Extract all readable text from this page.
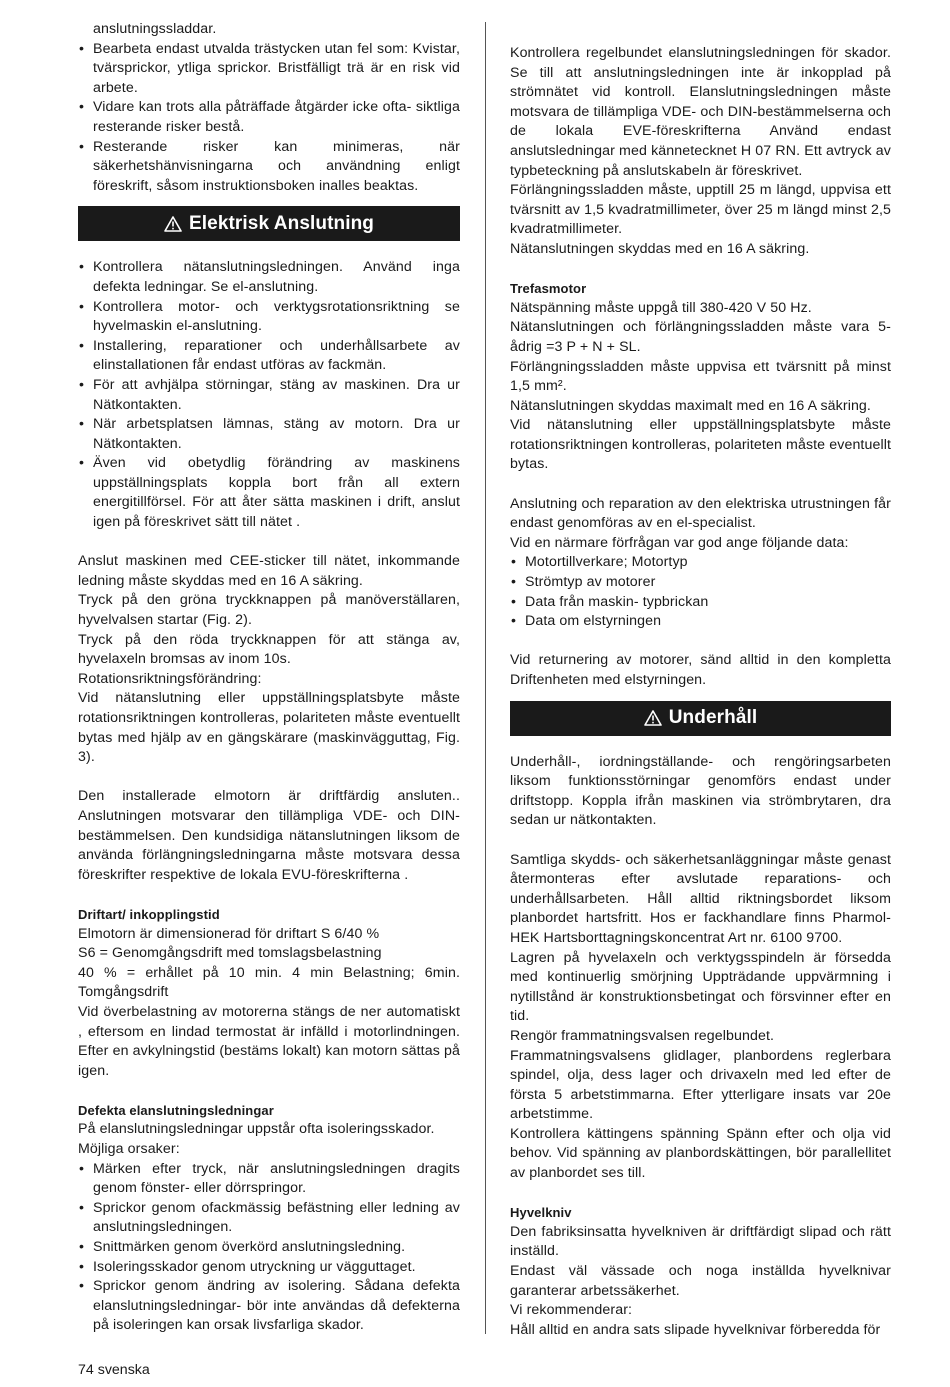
anslutningssladdar.

• Bearbeta endast utvalda trästycken utan fel som: Kvistar, tvärsprickor, ytliga sprickor. Bristfälligt trä är en risk vid arbete.
• Vidare kan trots alla påträffade åtgärder icke ofta- siktliga resterande risker bestå.
• Resterande risker kan minimeras, när säkerhetshänvisningarna och användning enligt föreskrift, såsom instruktionsboken inalles beaktas.
Elektrisk Anslutning
• Kontrollera nätanslutningsledningen. Använd inga defekta ledningar. Se el-anslutning.
• Kontrollera motor- och verktygsrotationsriktning se hyvelmaskin el-anslutning.
• Installering, reparationer och underhållsarbete av elinstallationen får endast utföras av fackmän.
• För att avhjälpa störningar, stäng av maskinen. Dra ur Nätkontakten.
• När arbetsplatsen lämnas, stäng av motorn. Dra ur Nätkontakten.
• Även vid obetydlig förändring av maskinens uppställningsplats koppla bort från all extern energitillförsel. För att åter sätta maskinen i drift, anslut igen på föreskrivet sätt till nätet .

Anslut maskinen med CEE-sticker till nätet, inkommande ledning måste skyddas med en 16 A säkring.

Tryck på den gröna tryckknappen på manöverställaren, hyvelvalsen startar (Fig. 2).

Tryck på den röda tryckknappen för att stänga av, hyvelaxeln bromsas av inom 10s.

Rotationsriktningsförändring:

Vid nätanslutning eller uppställningsplatsbyte måste rotationsriktningen kontrolleras, polariteten måste eventuellt bytas med hjälp av en gängskärare (maskinvägguttag, Fig. 3).

Den installerade elmotorn är driftfärdig ansluten.. Anslutningen motsvarar den tillämpliga VDE- och DIN- bestämmelsen. Den kundsidiga nätanslutningen liksom de använda förlängningsledningarna måste motsvara dessa föreskrifter respektive de lokala EVU-föreskrifterna .

Driftart/ inkopplingstid

Elmotorn är dimensionerad för driftart S 6/40 %

S6 = Genomgångsdrift med tomslagsbelastning

40 % = erhållet på 10 min. 4 min Belastning; 6min. Tomgångsdrift

Vid överbelastning av motorerna stängs de ner automatiskt , eftersom en lindad termostat är infälld i motorlindningen. Efter en avkylningstid (bestäms lokalt) kan motorn sättas på igen.

Defekta elanslutningsledningar

På elanslutningsledningar uppstår ofta isoleringsskador.

Möjliga orsaker:

• Märken efter tryck, när anslutningsledningen dragits genom fönster- eller dörrspringor.
• Sprickor genom ofackmässig befästning eller ledning av anslutningsledningen.
• Snittmärken genom överkörd anslutningsledning.
• Isoleringsskador genom utryckning ur vägguttaget.
• Sprickor genom ändring av isolering. Sådana defekta elanslutningsledningar- bör inte användas då defekterna på isoleringen kan orsak livsfarliga skador.

Kontrollera regelbundet elanslutningsledningen för skador. Se till att anslutningsledningen inte är inkopplad på strömnätet vid kontroll. Elanslutningsledningen måste motsvara de tillämpliga VDE- och DIN-bestämmelserna och de lokala EVE-föreskrifterna Använd endast anslutsledningar med kännetecknet H 07 RN. Ett avtryck av typbeteckning på anslutskabeln är föreskrivet.

Förlängningssladden måste, upptill 25 m längd, uppvisa ett tvärsnitt av 1,5 kvadratmillimeter, över 25 m längd minst 2,5 kvadratmillimeter.

Nätanslutningen skyddas med en 16 A säkring.

Trefasmotor

Nätspänning måste uppgå till 380-420 V 50 Hz.

Nätanslutningen och förlängningssladden måste vara 5-ådrig =3 P + N + SL.

Förlängningssladden måste uppvisa ett tvärsnitt på minst 1,5 mm².

Nätanslutningen skyddas maximalt med en 16 A säkring.

Vid nätanslutning eller uppställningsplatsbyte måste rotationsriktningen kontrolleras, polariteten måste eventuellt bytas.

Anslutning och reparation av den elektriska utrustningen får endast genomföras av en el-specialist.

Vid en närmare förfrågan var god ange följande data:

• Motortillverkare; Motortyp
• Strömtyp av motorer
• Data från maskin- typbrickan
• Data om elstyrningen

Vid returnering av motorer, sänd alltid in den kompletta Driftenheten med elstyrningen.

Underhåll

Underhåll-, iordningställande- och rengöringsarbeten liksom funktionsstörningar genomförs endast under driftstopp. Koppla ifrån maskinen via strömbrytaren, dra sedan ur nätkontakten.

Samtliga skydds- och säkerhetsanläggningar måste genast återmonteras efter avslutade reparations- och underhållsarbeten. Håll alltid riktningsbordet liksom planbordet hartsfritt. Hos er fackhandlare finns Pharmol-HEK Hartsborttagningskoncentrat Art nr. 6100 9700.

Lagren på hyvelaxeln och verktygsspindeln är försedda med kontinuerlig smörjning Uppträdande uppvärmning i nytillstånd är konstruktionsbetingat och försvinner efter en tid.

Rengör frammatningsvalsen regelbundet.

Frammatningsvalsens glidlager, planbordens reglerbara spindel, olja, dess lager och drivaxeln med led efter de första 5 arbetstimmarna. Efter ytterligare insats var 20e arbetstimme.

Kontrollera kättingens spänning Spänn efter och olja vid behov. Vid spänning av planbordskättingen, bör parallellitet av planbordet ses till.

Hyvelkniv

Den fabriksinsatta hyvelkniven är driftfärdigt slipad och rätt inställd.

Endast väl vässade och noga inställda hyvelknivar garanterar arbetssäkerhet.

Vi rekommenderar:

Håll alltid en andra sats slipade hyvelknivar förberedda för

74 svenska
